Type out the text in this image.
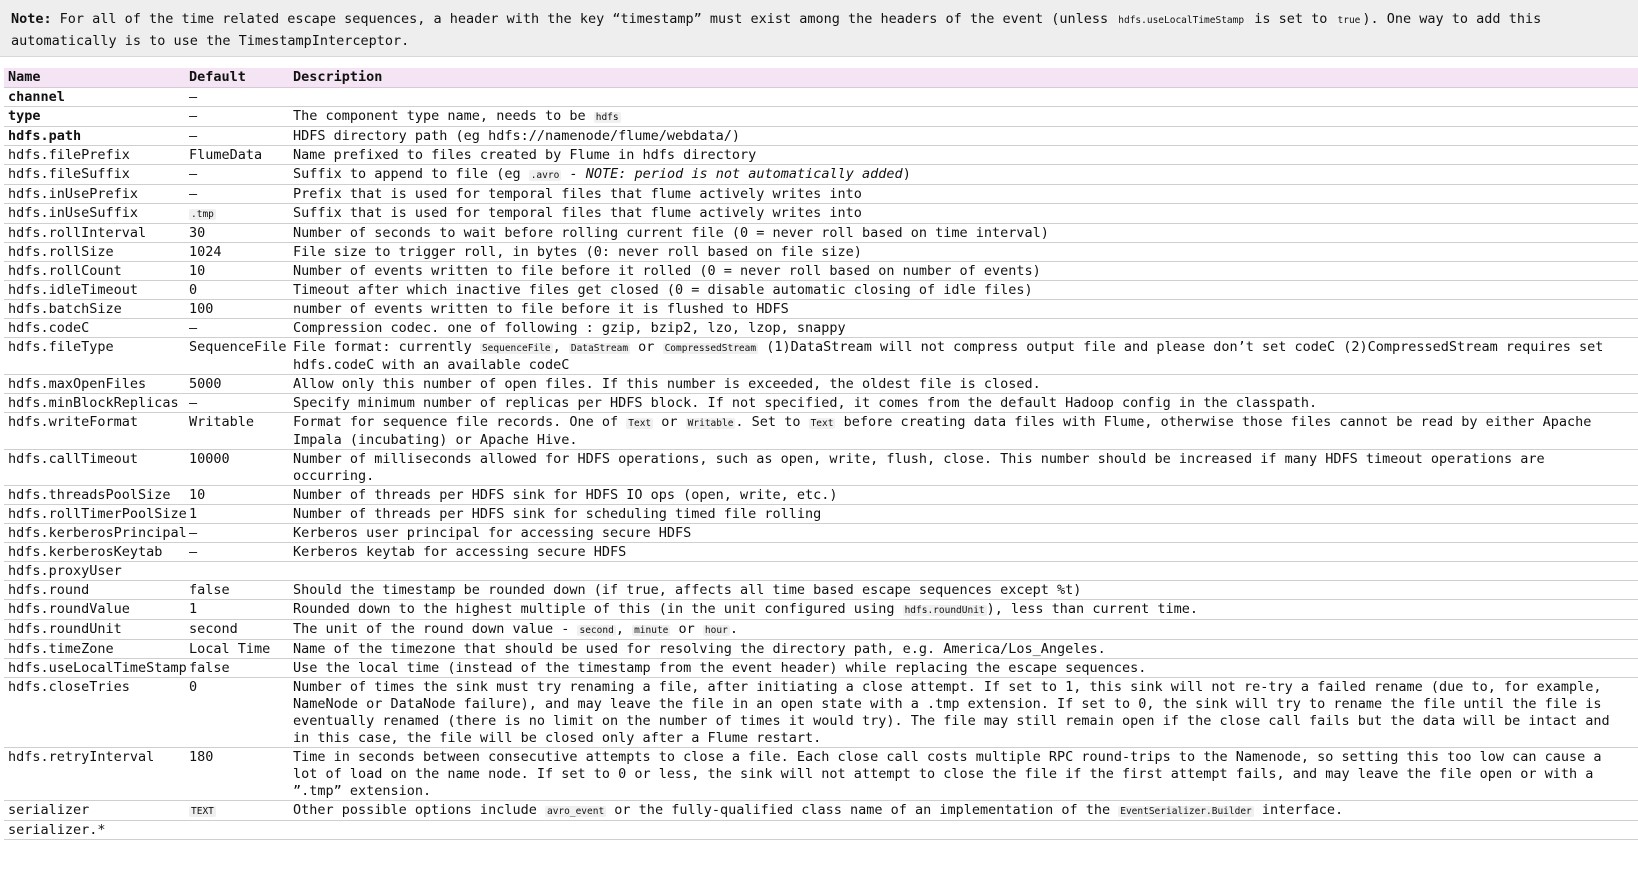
Note: For all of the time related escape sequences, a header with the key “timestamp” must exist among the headers of the event (unless hdfs.useLocalTimeStamp is set to true ). One way to add this automatically is to use the TimestampInterceptor.
Name	Default	Description
channel	–	
type	–	The component type name, needs to be hdfs
hdfs.path	–	HDFS directory path (eg hdfs://namenode/flume/webdata/)
hdfs.filePrefix	FlumeData	Name prefixed to files created by Flume in hdfs directory
hdfs.fileSuffix	–	Suffix to append to file (eg .avro - NOTE: period is not automatically added)
hdfs.inUsePrefix	–	Prefix that is used for temporal files that flume actively writes into
hdfs.inUseSuffix	.tmp	Suffix that is used for temporal files that flume actively writes into
hdfs.rollInterval	30	Number of seconds to wait before rolling current file (0 = never roll based on time interval)
hdfs.rollSize	1024	File size to trigger roll, in bytes (0: never roll based on file size)
hdfs.rollCount	10	Number of events written to file before it rolled (0 = never roll based on number of events)
hdfs.idleTimeout	0	Timeout after which inactive files get closed (0 = disable automatic closing of idle files)
hdfs.batchSize	100	number of events written to file before it is flushed to HDFS
hdfs.codeC	–	Compression codec. one of following : gzip, bzip2, lzo, lzop, snappy
hdfs.fileType	SequenceFile	File format: currently SequenceFile , DataStream or CompressedStream (1)DataStream will not compress output file and please don’t set codeC (2)CompressedStream requires set hdfs.codeC with an available codeC
hdfs.maxOpenFiles	5000	Allow only this number of open files. If this number is exceeded, the oldest file is closed.
hdfs.minBlockReplicas	–	Specify minimum number of replicas per HDFS block. If not specified, it comes from the default Hadoop config in the classpath.
hdfs.writeFormat	Writable	Format for sequence file records. One of Text or Writable . Set to Text before creating data files with Flume, otherwise those files cannot be read by either Apache Impala (incubating) or Apache Hive.
hdfs.callTimeout	10000	Number of milliseconds allowed for HDFS operations, such as open, write, flush, close. This number should be increased if many HDFS timeout operations are occurring.
hdfs.threadsPoolSize	10	Number of threads per HDFS sink for HDFS IO ops (open, write, etc.)
hdfs.rollTimerPoolSize	1	Number of threads per HDFS sink for scheduling timed file rolling
hdfs.kerberosPrincipal	–	Kerberos user principal for accessing secure HDFS
hdfs.kerberosKeytab	–	Kerberos keytab for accessing secure HDFS
hdfs.proxyUser		
hdfs.round	false	Should the timestamp be rounded down (if true, affects all time based escape sequences except %t)
hdfs.roundValue	1	Rounded down to the highest multiple of this (in the unit configured using hdfs.roundUnit ), less than current time.
hdfs.roundUnit	second	The unit of the round down value - second , minute or hour .
hdfs.timeZone	Local Time	Name of the timezone that should be used for resolving the directory path, e.g. America/Los_Angeles.
hdfs.useLocalTimeStamp	false	Use the local time (instead of the timestamp from the event header) while replacing the escape sequences.
hdfs.closeTries	0	Number of times the sink must try renaming a file, after initiating a close attempt. If set to 1, this sink will not re-try a failed rename (due to, for example, NameNode or DataNode failure), and may leave the file in an open state with a .tmp extension. If set to 0, the sink will try to rename the file until the file is eventually renamed (there is no limit on the number of times it would try). The file may still remain open if the close call fails but the data will be intact and in this case, the file will be closed only after a Flume restart.
hdfs.retryInterval	180	Time in seconds between consecutive attempts to close a file. Each close call costs multiple RPC round-trips to the Namenode, so setting this too low can cause a lot of load on the name node. If set to 0 or less, the sink will not attempt to close the file if the first attempt fails, and may leave the file open or with a ”.tmp” extension.
serializer	TEXT	Other possible options include avro_event or the fully-qualified class name of an implementation of the EventSerializer.Builder interface.
serializer.*		
